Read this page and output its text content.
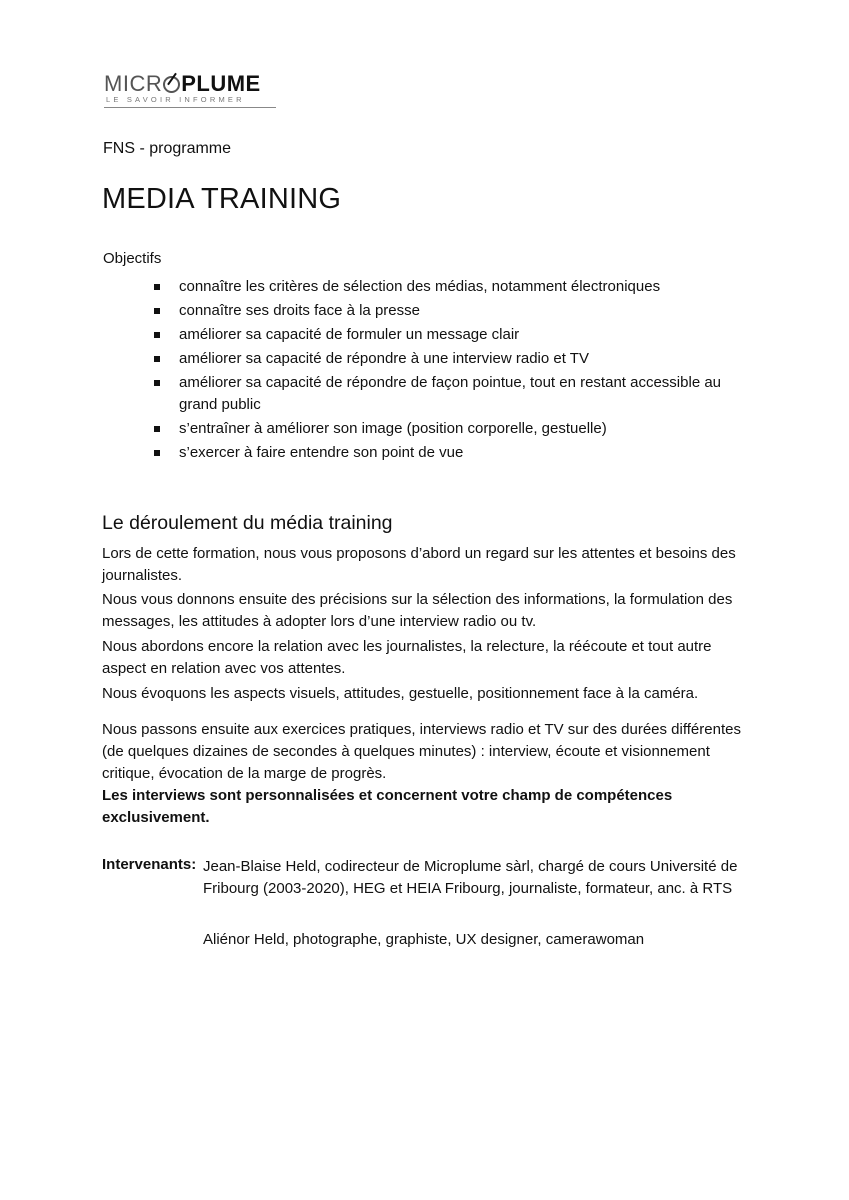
MICR PLUME
LE SAVOIR INFORMER
FNS - programme
MEDIA TRAINING
Objectifs
connaître les critères de sélection des médias, notamment électroniques
connaître ses droits face à la presse
améliorer sa capacité de formuler un message clair
améliorer sa capacité de répondre à une interview radio et TV
améliorer sa capacité de répondre de façon pointue, tout en restant accessible au grand public
s’entraîner à améliorer son image (position corporelle, gestuelle)
s’exercer à faire entendre son point de vue
Le déroulement du média training

Lors de cette formation, nous vous proposons d’abord un regard sur les attentes et besoins des journalistes.

Nous vous donnons ensuite des précisions sur la sélection des informations, la formulation des messages, les attitudes à adopter lors d’une interview radio ou tv.

Nous abordons encore la relation avec les journalistes, la relecture, la réécoute et tout autre aspect en relation avec vos attentes.

Nous évoquons les aspects visuels, attitudes, gestuelle, positionnement face à la caméra.

Nous passons ensuite aux exercices pratiques, interviews radio et TV sur des durées différentes (de quelques dizaines de secondes à quelques minutes) : interview, écoute et visionnement critique, évocation de la marge de progrès.

Les interviews sont personnalisées et concernent votre champ de compétences exclusivement.

Intervenants: Jean-Blaise Held, codirecteur de Microplume sàrl, chargé de cours Université de Fribourg (2003-2020), HEG et HEIA Fribourg, journaliste, formateur, anc. à RTS

Aliénor Held, photographe, graphiste, UX designer, camerawoman
